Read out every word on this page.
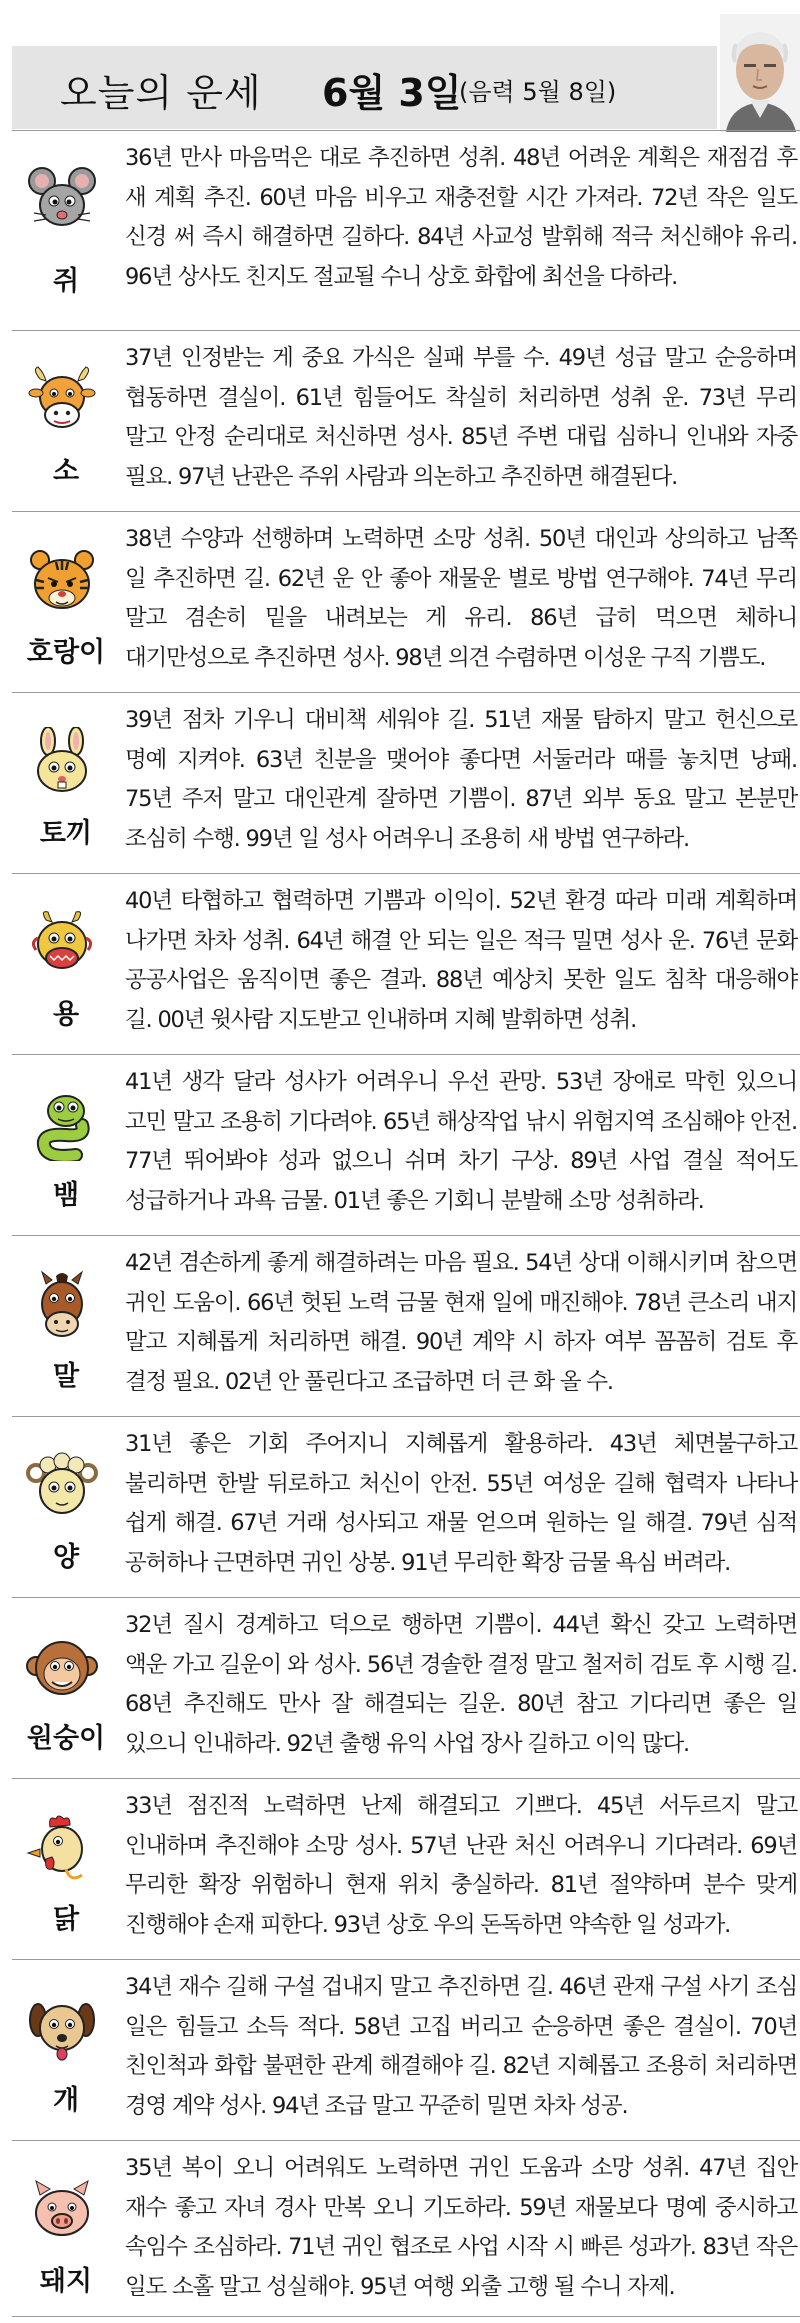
오늘의 운세 6월 3일
(음력 5월 8일)
쥐
36년 만사 마음먹은 대로 추진하면 성취. 48년 어려운 계획은 재점검 후 새 계획 추진. 60년 마음 비우고 재충전할 시간 가져라. 72년 작은 일도 신경 써 즉시 해결하면 길하다. 84년 사교성 발휘해 적극 처신해야 유리. 96년 상사도 친지도 절교될 수니 상호 화합에 최선을 다하라.
소
37년 인정받는 게 중요 가식은 실패 부를 수. 49년 성급 말고 순응하며 협동하면 결실이. 61년 힘들어도 착실히 처리하면 성취 운. 73년 무리 말고 안정 순리대로 처신하면 성사. 85년 주변 대립 심하니 인내와 자중 필요. 97년 난관은 주위 사람과 의논하고 추진하면 해결된다.
호랑이
38년 수양과 선행하며 노력하면 소망 성취. 50년 대인과 상의하고 남쪽 일 추진하면 길. 62년 운 안 좋아 재물운 별로 방법 연구해야. 74년 무리 말고 겸손히 밑을 내려보는 게 유리. 86년 급히 먹으면 체하니 대기만성으로 추진하면 성사. 98년 의견 수렴하면 이성운 구직 기쁨도.
토끼
39년 점차 기우니 대비책 세워야 길. 51년 재물 탐하지 말고 헌신으로 명예 지켜야. 63년 친분을 맺어야 좋다면 서둘러라 때를 놓치면 낭패. 75년 주저 말고 대인관계 잘하면 기쁨이. 87년 외부 동요 말고 본분만 조심히 수행. 99년 일 성사 어려우니 조용히 새 방법 연구하라.
용
40년 타협하고 협력하면 기쁨과 이익이. 52년 환경 따라 미래 계획하며 나가면 차차 성취. 64년 해결 안 되는 일은 적극 밀면 성사 운. 76년 문화 공공사업은 움직이면 좋은 결과. 88년 예상치 못한 일도 침착 대응해야 길. 00년 윗사람 지도받고 인내하며 지혜 발휘하면 성취.
뱀
41년 생각 달라 성사가 어려우니 우선 관망. 53년 장애로 막힌 있으니 고민 말고 조용히 기다려야. 65년 해상작업 낚시 위험지역 조심해야 안전. 77년 뛰어봐야 성과 없으니 쉬며 차기 구상. 89년 사업 결실 적어도 성급하거나 과욕 금물. 01년 좋은 기회니 분발해 소망 성취하라.
말
42년 겸손하게 좋게 해결하려는 마음 필요. 54년 상대 이해시키며 참으면 귀인 도움이. 66년 헛된 노력 금물 현재 일에 매진해야. 78년 큰소리 내지 말고 지혜롭게 처리하면 해결. 90년 계약 시 하자 여부 꼼꼼히 검토 후 결정 필요. 02년 안 풀린다고 조급하면 더 큰 화 올 수.
양
31년 좋은 기회 주어지니 지혜롭게 활용하라. 43년 체면불구하고 불리하면 한발 뒤로하고 처신이 안전. 55년 여성운 길해 협력자 나타나 쉽게 해결. 67년 거래 성사되고 재물 얻으며 원하는 일 해결. 79년 심적 공허하나 근면하면 귀인 상봉. 91년 무리한 확장 금물 욕심 버려라.
원숭이
32년 질시 경계하고 덕으로 행하면 기쁨이. 44년 확신 갖고 노력하면 액운 가고 길운이 와 성사. 56년 경솔한 결정 말고 철저히 검토 후 시행 길. 68년 추진해도 만사 잘 해결되는 길운. 80년 참고 기다리면 좋은 일 있으니 인내하라. 92년 출행 유익 사업 장사 길하고 이익 많다.
닭
33년 점진적 노력하면 난제 해결되고 기쁘다. 45년 서두르지 말고 인내하며 추진해야 소망 성사. 57년 난관 처신 어려우니 기다려라. 69년 무리한 확장 위험하니 현재 위치 충실하라. 81년 절약하며 분수 맞게 진행해야 손재 피한다. 93년 상호 우의 돈독하면 약속한 일 성과가.
개
34년 재수 길해 구설 겁내지 말고 추진하면 길. 46년 관재 구설 사기 조심 일은 힘들고 소득 적다. 58년 고집 버리고 순응하면 좋은 결실이. 70년 친인척과 화합 불편한 관계 해결해야 길. 82년 지혜롭고 조용히 처리하면 경영 계약 성사. 94년 조급 말고 꾸준히 밀면 차차 성공.
돼지
35년 복이 오니 어려워도 노력하면 귀인 도움과 소망 성취. 47년 집안 재수 좋고 자녀 경사 만복 오니 기도하라. 59년 재물보다 명예 중시하고 속임수 조심하라. 71년 귀인 협조로 사업 시작 시 빠른 성과가. 83년 작은 일도 소홀 말고 성실해야. 95년 여행 외출 고행 될 수니 자제.
